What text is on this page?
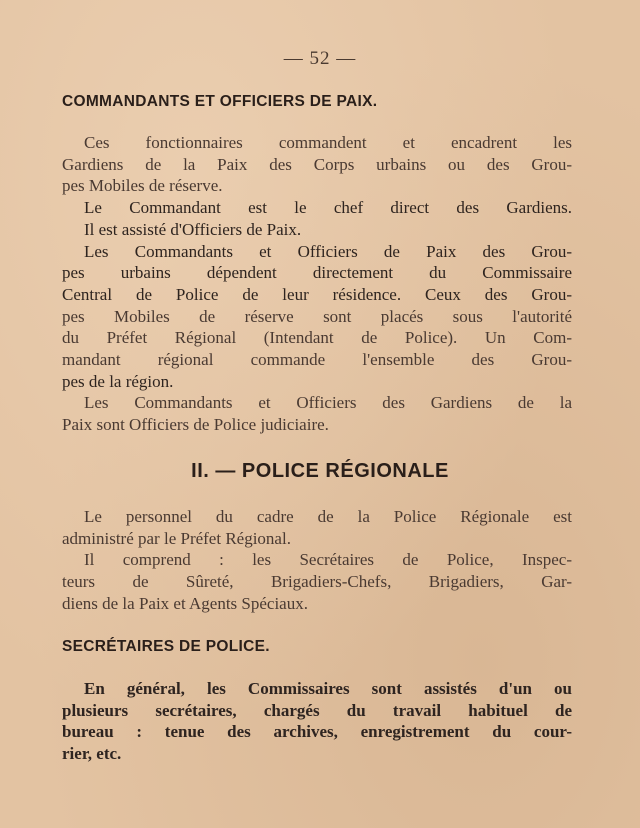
— 52 —
COMMANDANTS ET OFFICIERS DE PAIX.
Ces fonctionnaires commandent et encadrent les
Gardiens de la Paix des Corps urbains ou des Grou-
pes Mobiles de réserve.
Le Commandant est le chef direct des Gardiens.
Il est assisté d'Officiers de Paix.
Les Commandants et Officiers de Paix des Grou-
pes urbains dépendent directement du Commissaire
Central de Police de leur résidence. Ceux des Grou-
pes Mobiles de réserve sont placés sous l'autorité
du Préfet Régional (Intendant de Police). Un Com-
mandant régional commande l'ensemble des Grou-
pes de la région.
Les Commandants et Officiers des Gardiens de la
Paix sont Officiers de Police judiciaire.
II. — POLICE RÉGIONALE
Le personnel du cadre de la Police Régionale est
administré par le Préfet Régional.
Il comprend : les Secrétaires de Police, Inspec-
teurs de Sûreté, Brigadiers-Chefs, Brigadiers, Gar-
diens de la Paix et Agents Spéciaux.
SECRÉTAIRES DE POLICE.
En général, les Commissaires sont assistés d'un ou
plusieurs secrétaires, chargés du travail habituel de
bureau : tenue des archives, enregistrement du cour-
rier, etc.
